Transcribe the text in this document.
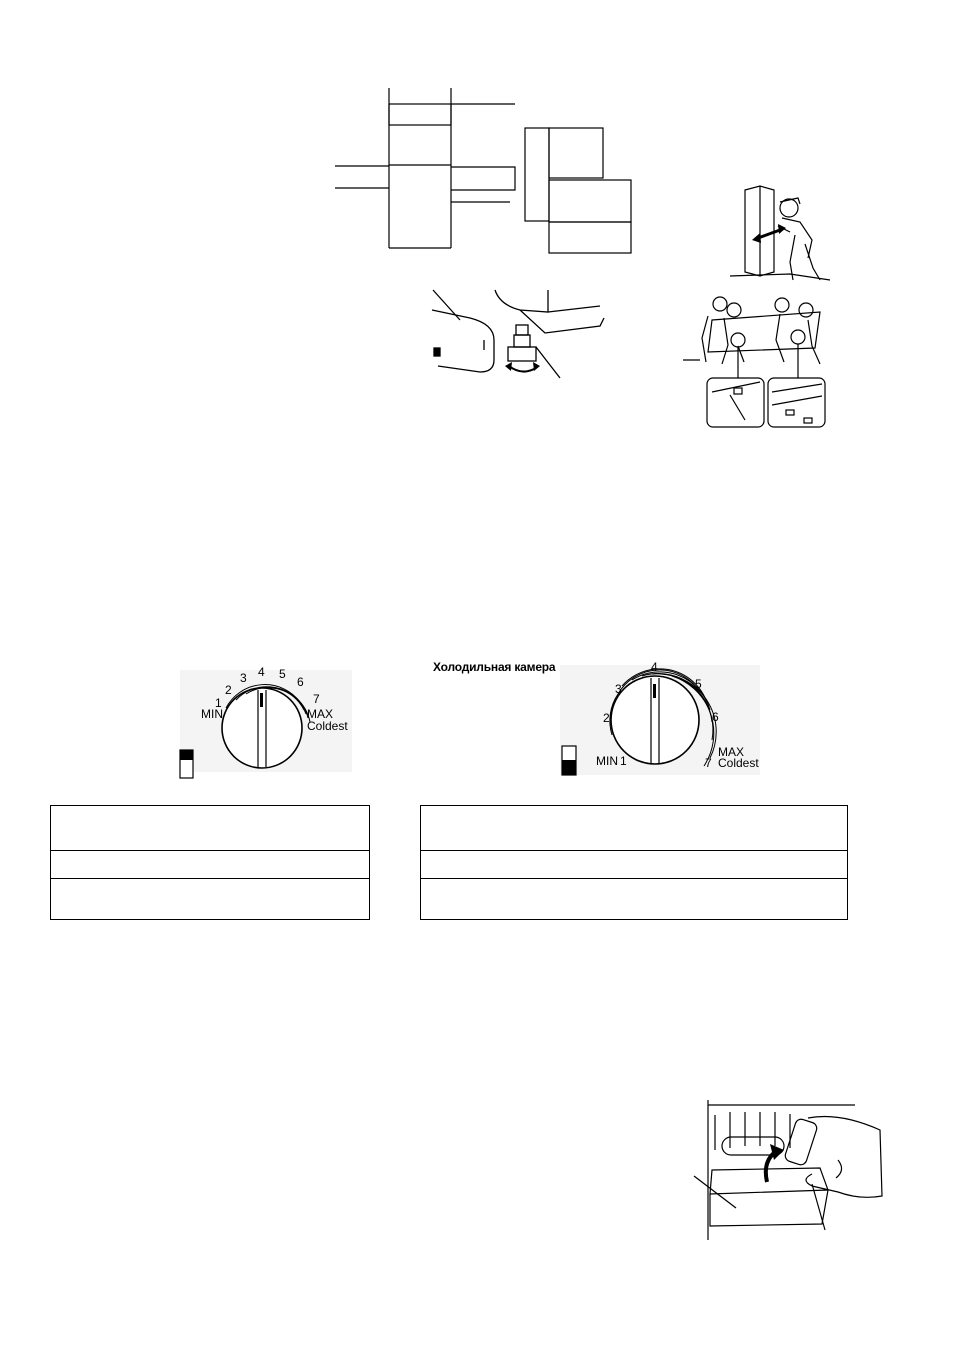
1
2
3 4 5
6
7
MIN	MAX
Coldest
Холодильная камера
1
2
3
4
5
6
7
MIN
MAX
Coldest
